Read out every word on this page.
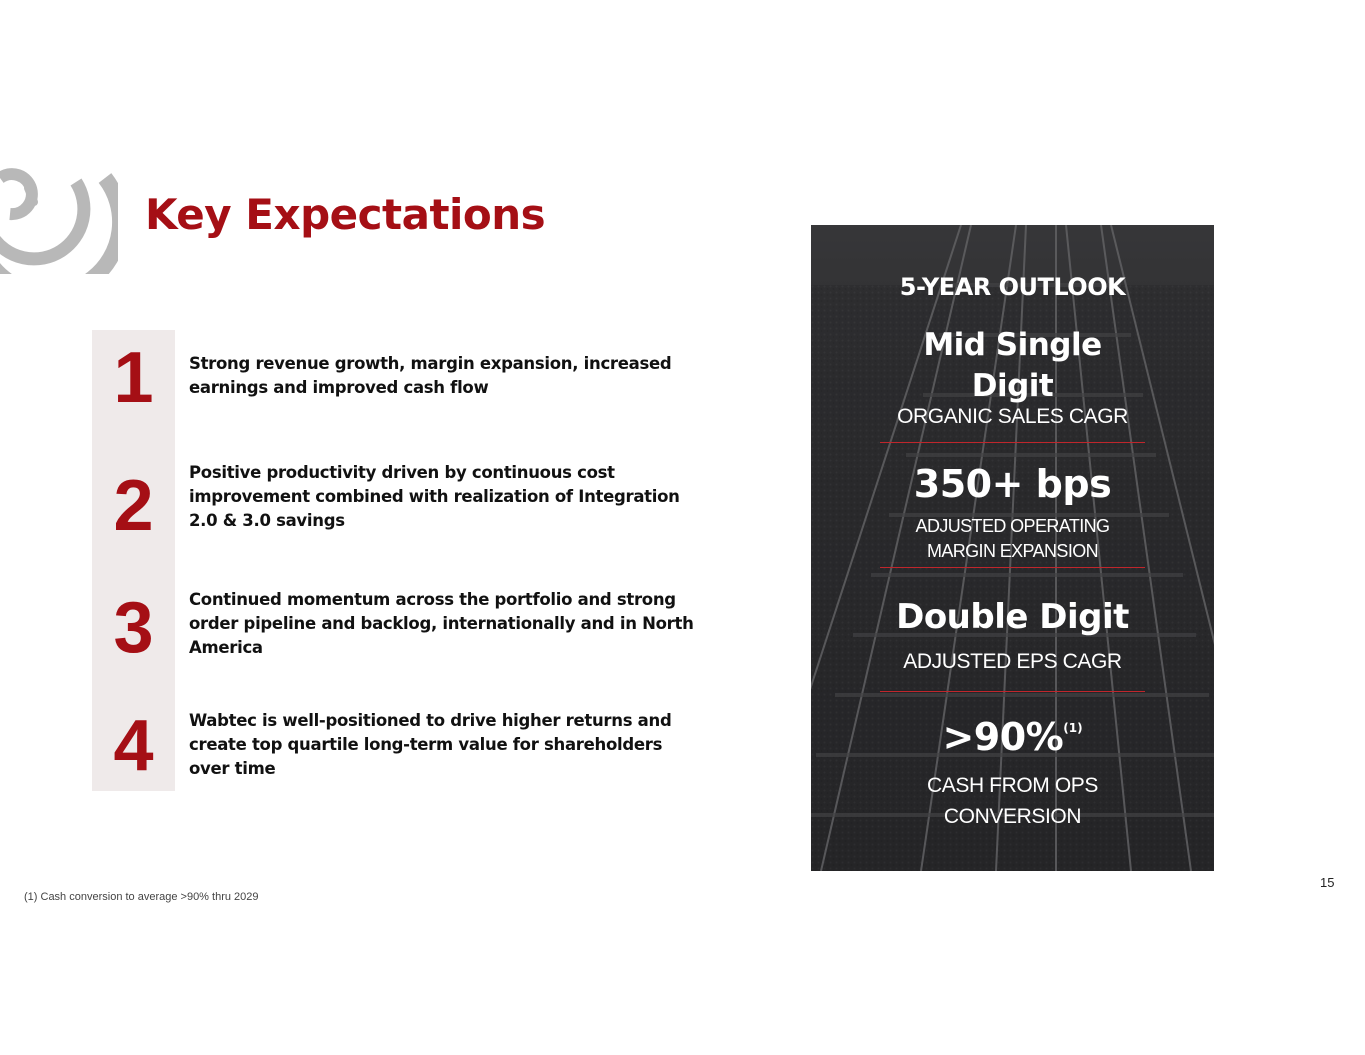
Key Expectations
1	Strong revenue growth, margin expansion, increased
earnings and improved cash flow
2	Positive productivity driven by continuous cost
improvement combined with realization of Integration
2.0 & 3.0 savings
3	Continued momentum across the portfolio and strong
order pipeline and backlog, internationally and in North
America
4	Wabtec is well-positioned to drive higher returns and
create top quartile long-term value for shareholders
over time
5-YEAR OUTLOOK
Mid Single
Digit
ORGANIC SALES CAGR
350+ bps
ADJUSTED OPERATING
MARGIN EXPANSION
Double Digit
ADJUSTED EPS CAGR
>90%$^{(1)}$
CASH FROM OPS
CONVERSION
15
(1) Cash conversion to average >90% thru 2029
